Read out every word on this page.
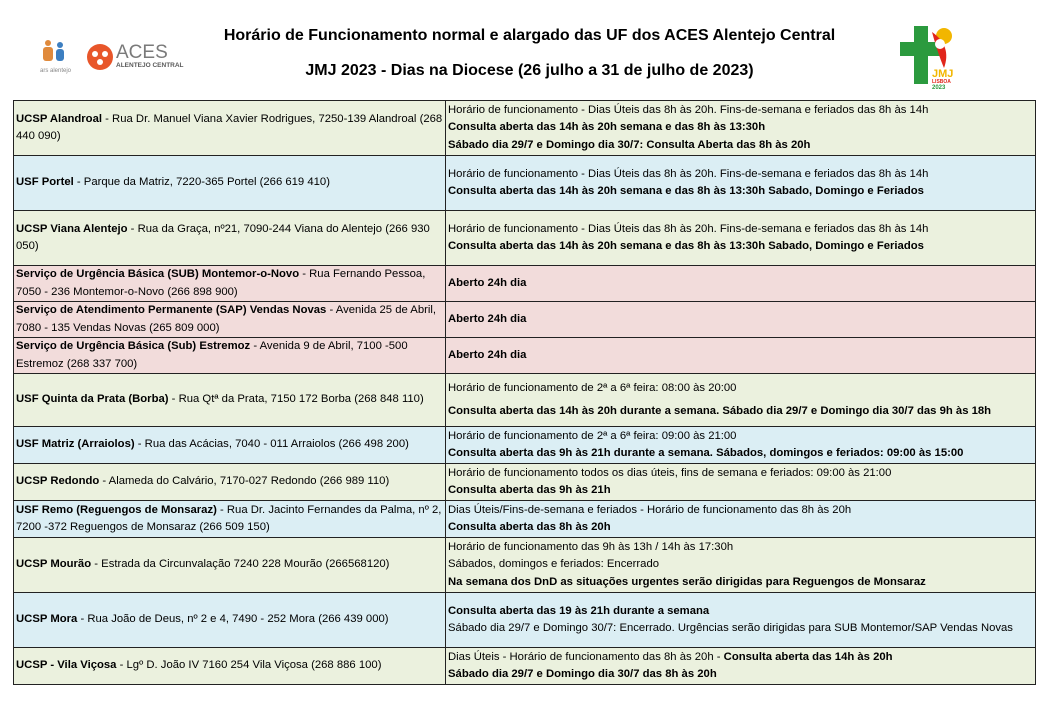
ars alentejo
ACES
ALENTEJO CENTRAL
JMJ
LISBOA
2023
Horário de Funcionamento normal e alargado das UF dos ACES Alentejo Central
JMJ 2023 - Dias na Diocese (26 julho a 31 de julho de 2023)
UCSP Alandroal - Rua Dr. Manuel Viana Xavier Rodrigues, 7250-139 Alandroal (268 440 090)	Horário de funcionamento - Dias Úteis das 8h às 20h. Fins-de-semana e feriados das 8h às 14h
Consulta aberta das 14h às 20h semana e das 8h às 13:30h
Sábado dia 29/7 e Domingo dia 30/7: Consulta Aberta das 8h às 20h

USF Portel - Parque da Matriz, 7220-365 Portel (266 619 410)	Horário de funcionamento - Dias Úteis das 8h às 20h. Fins-de-semana e feriados das 8h às 14h
Consulta aberta das 14h às 20h semana e das 8h às 13:30h Sabado, Domingo e Feriados

UCSP Viana Alentejo - Rua da Graça, nº21, 7090-244 Viana do Alentejo (266 930 050)	Horário de funcionamento - Dias Úteis das 8h às 20h. Fins-de-semana e feriados das 8h às 14h
Consulta aberta das 14h às 20h semana e das 8h às 13:30h Sabado, Domingo e Feriados

Serviço de Urgência Básica (SUB) Montemor-o-Novo - Rua Fernando Pessoa, 7050 - 236 Montemor-o-Novo (266 898 900)	Aberto 24h dia

Serviço de Atendimento Permanente (SAP) Vendas Novas - Avenida 25 de Abril, 7080 - 135 Vendas Novas (265 809 000)	Aberto 24h dia

Serviço de Urgência Básica (Sub) Estremoz - Avenida 9 de Abril, 7100 -500 Estremoz (268 337 700)	Aberto 24h dia

USF Quinta da Prata (Borba) - Rua Qtª da Prata, 7150 172 Borba (268 848 110)	Horário de funcionamento de 2ª a 6ª feira: 08:00 às 20:00
Consulta aberta das 14h às 20h durante a semana. Sábado dia 29/7 e Domingo dia 30/7 das 9h às 18h

USF Matriz (Arraiolos) - Rua das Acácias, 7040 - 011 Arraiolos (266 498 200)	Horário de funcionamento de 2ª a 6ª feira: 09:00 às 21:00
Consulta aberta das 9h às 21h durante a semana. Sábados, domingos e feriados: 09:00 às 15:00

UCSP Redondo - Alameda do Calvário, 7170-027 Redondo (266 989 110)	Horário de funcionamento todos os dias úteis, fins de semana e feriados: 09:00 às 21:00
Consulta aberta das 9h às 21h

USF Remo (Reguengos de Monsaraz) - Rua Dr. Jacinto Fernandes da Palma, nº 2, 7200 -372 Reguengos de Monsaraz (266 509 150)	Dias Úteis/Fins-de-semana e feriados - Horário de funcionamento das 8h às 20h
Consulta aberta das 8h às 20h

UCSP Mourão - Estrada da Circunvalação 7240 228 Mourão (266568120)	Horário de funcionamento das 9h às 13h / 14h às 17:30h
Sábados, domingos e feriados: Encerrado
Na semana dos DnD as situações urgentes serão dirigidas para Reguengos de Monsaraz

UCSP Mora - Rua João de Deus, nº 2 e 4, 7490 - 252 Mora (266 439 000)	Consulta aberta das 19 às 21h durante a semana
Sábado dia 29/7 e Domingo 30/7: Encerrado. Urgências serão dirigidas para SUB Montemor/SAP Vendas Novas

UCSP - Vila Viçosa - Lgº D. João IV 7160 254 Vila Viçosa (268 886 100)	Dias Úteis - Horário de funcionamento das 8h às 20h - Consulta aberta das 14h às 20h
Sábado dia 29/7 e Domingo dia 30/7 das 8h às 20h
